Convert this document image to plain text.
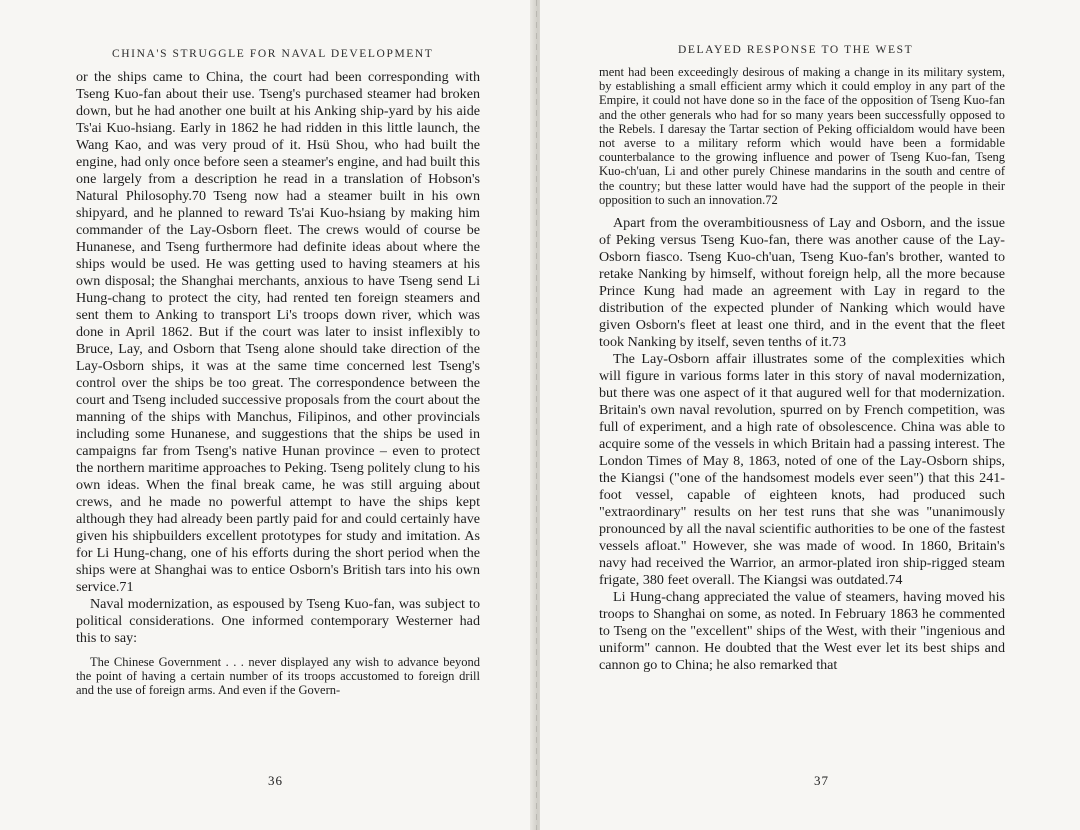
CHINA'S STRUGGLE FOR NAVAL DEVELOPMENT

or the ships came to China, the court had been corresponding with Tseng Kuo-fan about their use. Tseng's purchased steamer had broken down, but he had another one built at his Anking ship-yard by his aide Ts'ai Kuo-hsiang. Early in 1862 he had ridden in this little launch, the Wang Kao, and was very proud of it. Hsü Shou, who had built the engine, had only once before seen a steamer's engine, and had built this one largely from a description he read in a translation of Hobson's Natural Philosophy.70 Tseng now had a steamer built in his own shipyard, and he planned to reward Ts'ai Kuo-hsiang by making him commander of the Lay-Osborn fleet. The crews would of course be Hunanese, and Tseng furthermore had definite ideas about where the ships would be used. He was getting used to having steamers at his own disposal; the Shanghai merchants, anxious to have Tseng send Li Hung-chang to protect the city, had rented ten foreign steamers and sent them to Anking to transport Li's troops down river, which was done in April 1862. But if the court was later to insist inflexibly to Bruce, Lay, and Osborn that Tseng alone should take direction of the Lay-Osborn ships, it was at the same time concerned lest Tseng's control over the ships be too great. The correspondence between the court and Tseng included successive proposals from the court about the manning of the ships with Manchus, Filipinos, and other provincials including some Hunanese, and suggestions that the ships be used in campaigns far from Tseng's native Hunan province – even to protect the northern maritime approaches to Peking. Tseng politely clung to his own ideas. When the final break came, he was still arguing about crews, and he made no powerful attempt to have the ships kept although they had already been partly paid for and could certainly have given his shipbuilders excellent prototypes for study and imitation. As for Li Hung-chang, one of his efforts during the short period when the ships were at Shanghai was to entice Osborn's British tars into his own service.71

Naval modernization, as espoused by Tseng Kuo-fan, was subject to political considerations. One informed contemporary Westerner had this to say:

The Chinese Government . . . never displayed any wish to advance beyond the point of having a certain number of its troops accustomed to foreign drill and the use of foreign arms. And even if the Govern-

36
DELAYED RESPONSE TO THE WEST

ment had been exceedingly desirous of making a change in its military system, by establishing a small efficient army which it could employ in any part of the Empire, it could not have done so in the face of the opposition of Tseng Kuo-fan and the other generals who had for so many years been successfully opposed to the Rebels. I daresay the Tartar section of Peking officialdom would have been not averse to a military reform which would have been a formidable counterbalance to the growing influence and power of Tseng Kuo-fan, Tseng Kuo-ch'uan, Li and other purely Chinese mandarins in the south and centre of the country; but these latter would have had the support of the people in their opposition to such an innovation.72

Apart from the overambitiousness of Lay and Osborn, and the issue of Peking versus Tseng Kuo-fan, there was another cause of the Lay-Osborn fiasco. Tseng Kuo-ch'uan, Tseng Kuo-fan's brother, wanted to retake Nanking by himself, without foreign help, all the more because Prince Kung had made an agreement with Lay in regard to the distribution of the expected plunder of Nanking which would have given Osborn's fleet at least one third, and in the event that the fleet took Nanking by itself, seven tenths of it.73

The Lay-Osborn affair illustrates some of the complexities which will figure in various forms later in this story of naval modernization, but there was one aspect of it that augured well for that modernization. Britain's own naval revolution, spurred on by French competition, was full of experiment, and a high rate of obsolescence. China was able to acquire some of the vessels in which Britain had a passing interest. The London Times of May 8, 1863, noted of one of the Lay-Osborn ships, the Kiangsi ("one of the handsomest models ever seen") that this 241-foot vessel, capable of eighteen knots, had produced such "extraordinary" results on her test runs that she was "unanimously pronounced by all the naval scientific authorities to be one of the fastest vessels afloat." However, she was made of wood. In 1860, Britain's navy had received the Warrior, an armor-plated iron ship-rigged steam frigate, 380 feet overall. The Kiangsi was outdated.74

Li Hung-chang appreciated the value of steamers, having moved his troops to Shanghai on some, as noted. In February 1863 he commented to Tseng on the "excellent" ships of the West, with their "ingenious and uniform" cannon. He doubted that the West ever let its best ships and cannon go to China; he also remarked that

37
